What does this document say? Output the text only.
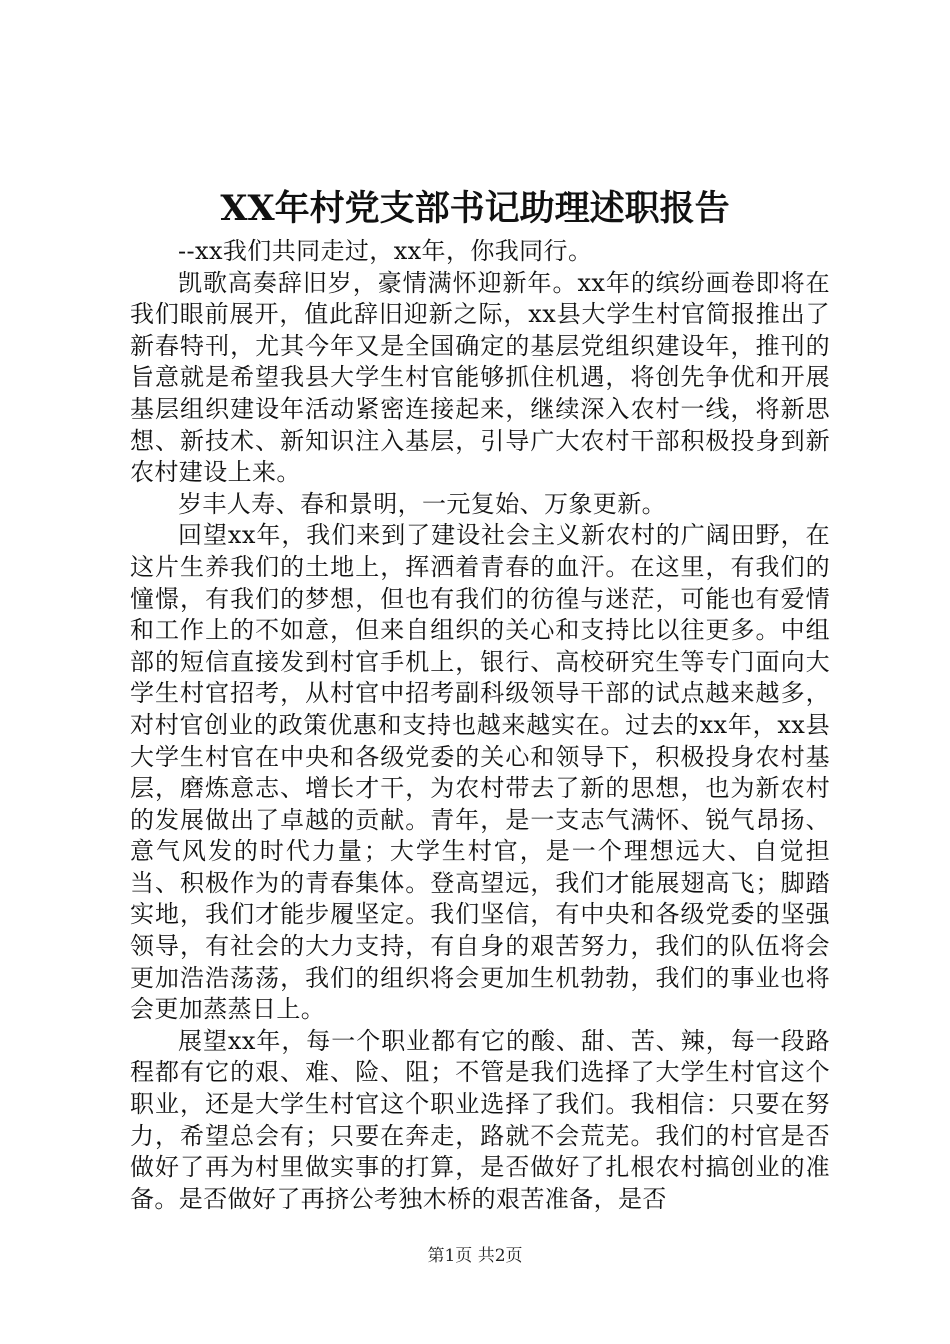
XX年村党支部书记助理述职报告

--xx我们共同走过，xx年，你我同行。

凯歌高奏辞旧岁，豪情满怀迎新年。xx年的缤纷画卷即将在我们眼前展开，值此辞旧迎新之际，xx县大学生村官简报推出了新春特刊，尤其今年又是全国确定的基层党组织建设年，推刊的旨意就是希望我县大学生村官能够抓住机遇，将创先争优和开展基层组织建设年活动紧密连接起来，继续深入农村一线，将新思想、新技术、新知识注入基层，引导广大农村干部积极投身到新农村建设上来。

岁丰人寿、春和景明，一元复始、万象更新。

回望xx年，我们来到了建设社会主义新农村的广阔田野，在这片生养我们的土地上，挥洒着青春的血汗。在这里，有我们的憧憬，有我们的梦想，但也有我们的彷徨与迷茫，可能也有爱情和工作上的不如意，但来自组织的关心和支持比以往更多。中组部的短信直接发到村官手机上，银行、高校研究生等专门面向大学生村官招考，从村官中招考副科级领导干部的试点越来越多，对村官创业的政策优惠和支持也越来越实在。过去的xx年，xx县大学生村官在中央和各级党委的关心和领导下，积极投身农村基层，磨炼意志、增长才干，为农村带去了新的思想，也为新农村的发展做出了卓越的贡献。青年，是一支志气满怀、锐气昂扬、意气风发的时代力量；大学生村官，是一个理想远大、自觉担当、积极作为的青春集体。登高望远，我们才能展翅高飞；脚踏实地，我们才能步履坚定。我们坚信，有中央和各级党委的坚强领导，有社会的大力支持，有自身的艰苦努力，我们的队伍将会更加浩浩荡荡，我们的组织将会更加生机勃勃，我们的事业也将会更加蒸蒸日上。

展望xx年，每一个职业都有它的酸、甜、苦、辣，每一段路程都有它的艰、难、险、阻；不管是我们选择了大学生村官这个职业，还是大学生村官这个职业选择了我们。我相信：只要在努力，希望总会有；只要在奔走，路就不会荒芜。我们的村官是否做好了再为村里做实事的打算，是否做好了扎根农村搞创业的准备。是否做好了再挤公考独木桥的艰苦准备，是否

第1页 共2页
